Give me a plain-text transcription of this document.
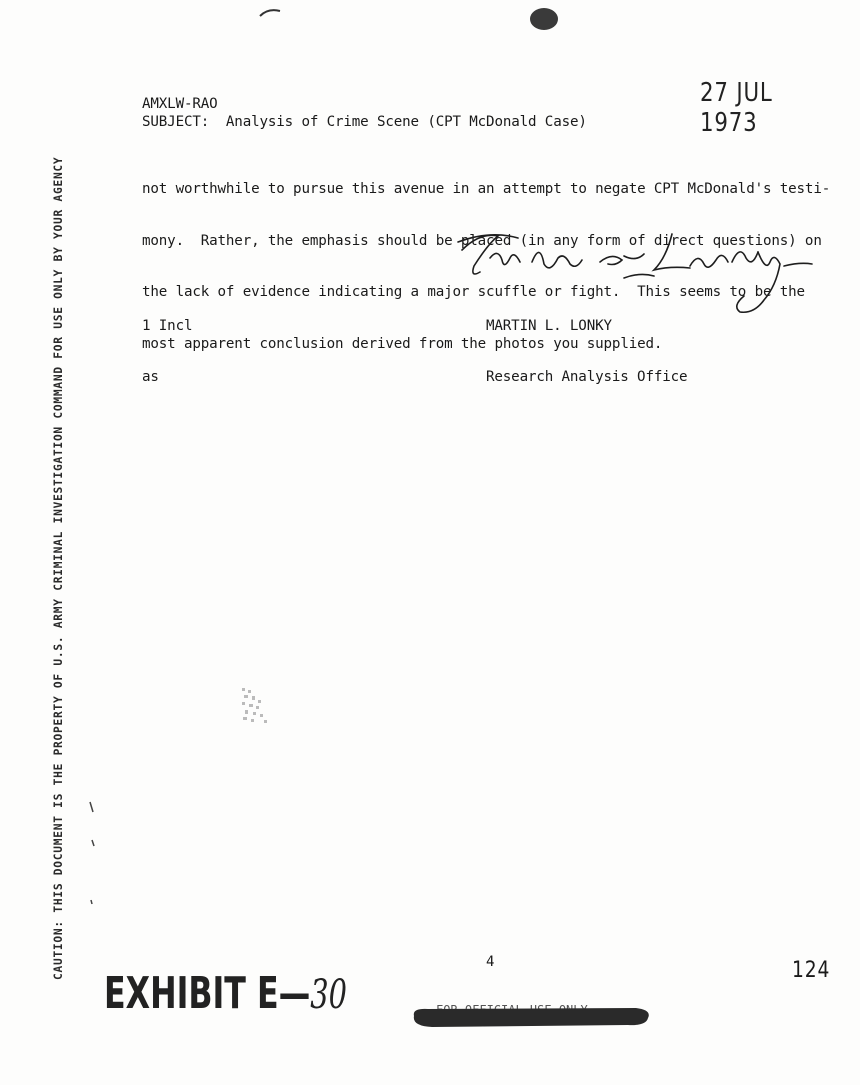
CAUTION: THIS DOCUMENT IS THE PROPERTY OF U.S. ARMY CRIMINAL INVESTIGATION COMMAND FOR USE ONLY BY YOUR AGENCY
27 JUL 1973
AMXLW-RAO
SUBJECT:  Analysis of Crime Scene (CPT McDonald Case)

not worthwhile to pursue this avenue in an attempt to negate CPT McDonald's testi-

mony.  Rather, the emphasis should be placed (in any form of direct questions) on

the lack of evidence indicating a major scuffle or fight.  This seems to be the

most apparent conclusion derived from the photos you supplied.

1 Incl

as

MARTIN L. LONKY

Research Analysis Office

4	124
EXHIBIT E—30
